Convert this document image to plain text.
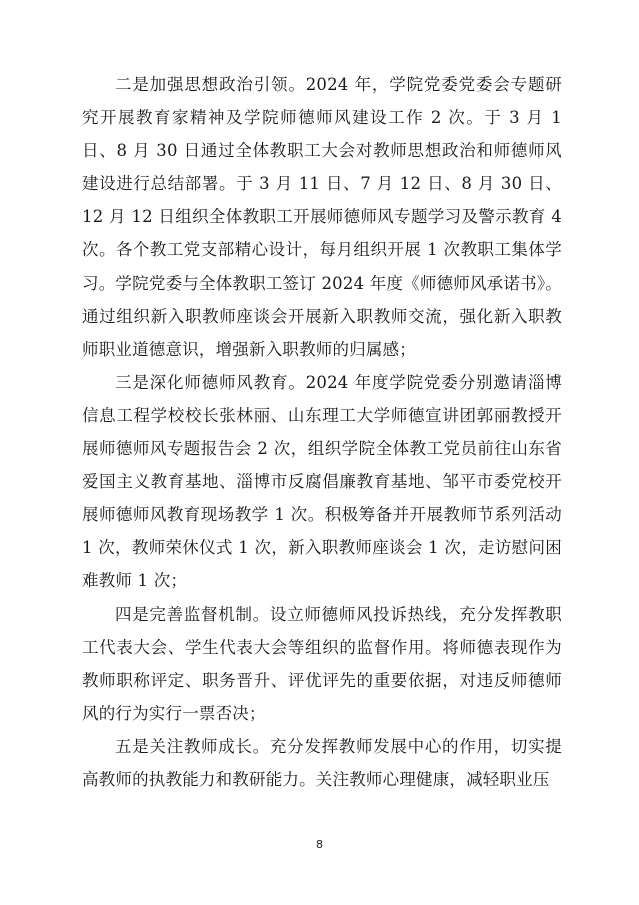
二是加强思想政治引领。2024 年，学院党委党委会专题研究开展教育家精神及学院师德师风建设工作 2 次。于 3 月 1 日、8 月 30 日通过全体教职工大会对教师思想政治和师德师风建设进行总结部署。于 3 月 11 日、7 月 12 日、8 月 30 日、12 月 12 日组织全体教职工开展师德师风专题学习及警示教育 4 次。各个教工党支部精心设计，每月组织开展 1 次教职工集体学习。学院党委与全体教职工签订 2024 年度《师德师风承诺书》。通过组织新入职教师座谈会开展新入职教师交流，强化新入职教师职业道德意识，增强新入职教师的归属感；

三是深化师德师风教育。2024 年度学院党委分别邀请淄博信息工程学校校长张林丽、山东理工大学师德宣讲团郭丽教授开展师德师风专题报告会 2 次，组织学院全体教工党员前往山东省爱国主义教育基地、淄博市反腐倡廉教育基地、邹平市委党校开展师德师风教育现场教学 1 次。积极筹备并开展教师节系列活动 1 次，教师荣休仪式 1 次，新入职教师座谈会 1 次，走访慰问困难教师 1 次；

四是完善监督机制。设立师德师风投诉热线，充分发挥教职工代表大会、学生代表大会等组织的监督作用。将师德表现作为教师职称评定、职务晋升、评优评先的重要依据，对违反师德师风的行为实行一票否决；

五是关注教师成长。充分发挥教师发展中心的作用，切实提高教师的执教能力和教研能力。关注教师心理健康，减轻职业压

8
